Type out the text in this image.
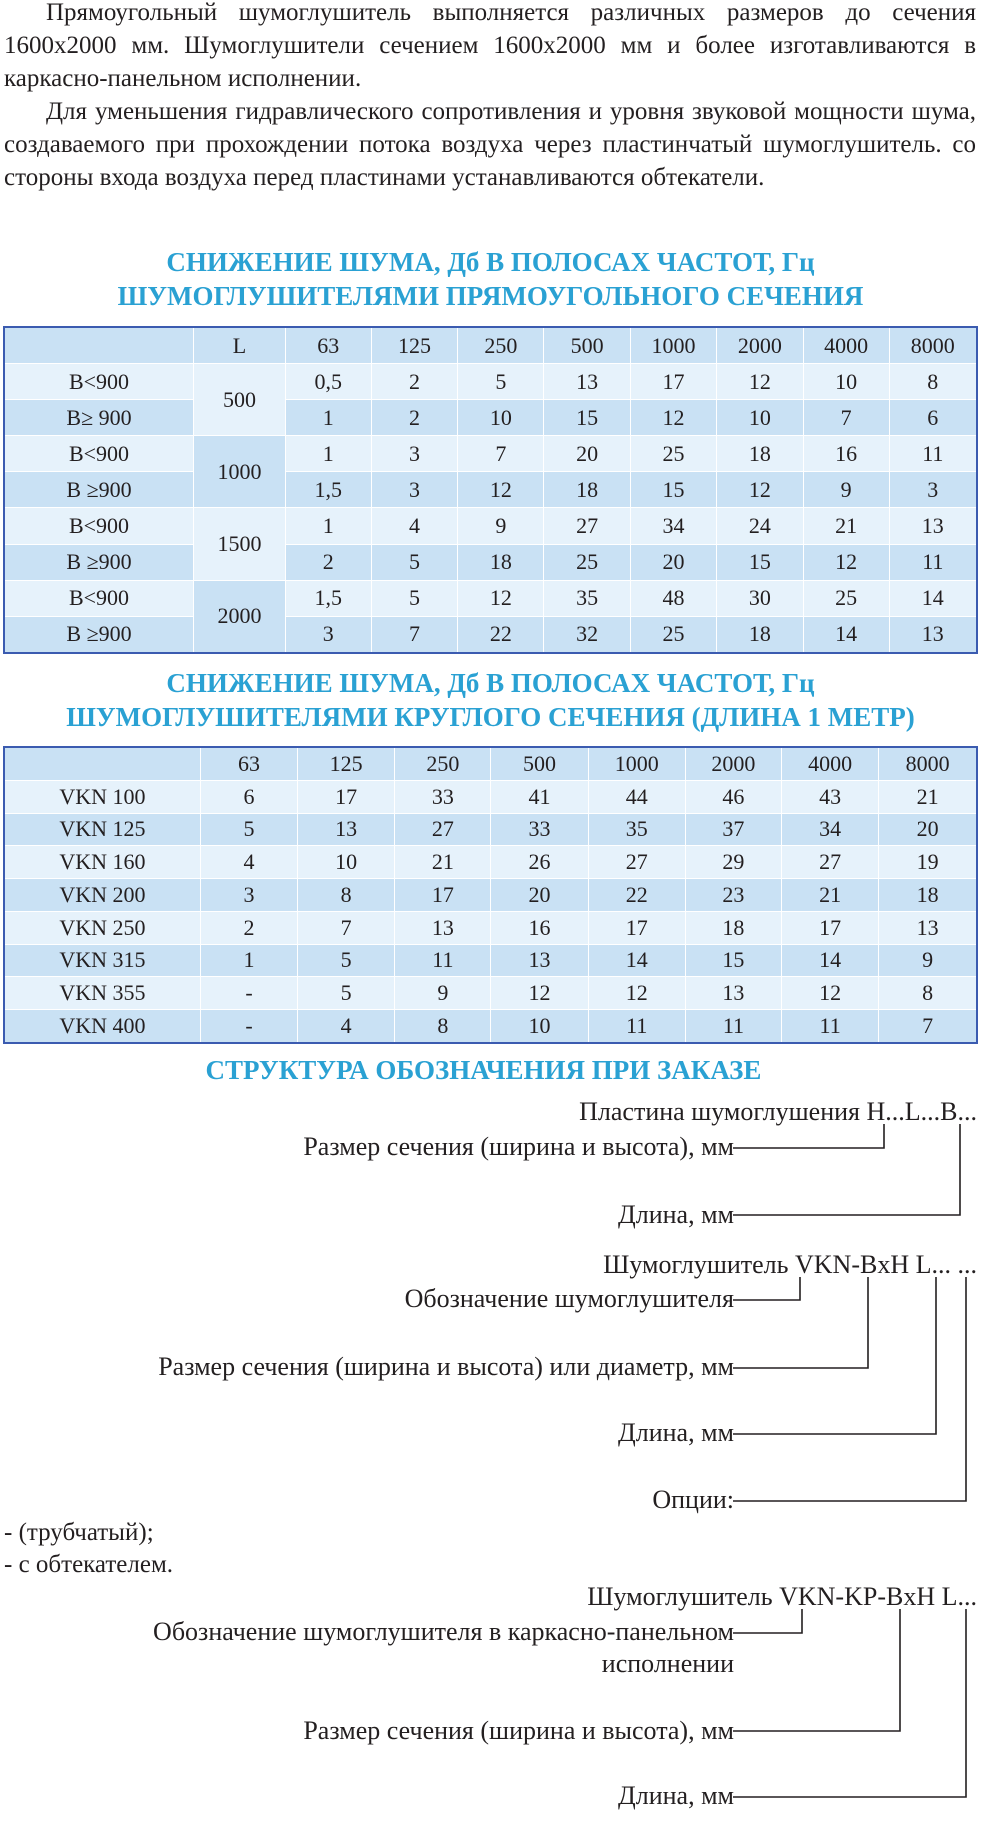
Прямоугольный шумоглушитель выполняется различных размеров до сечения 1600x2000 мм. Шумоглушители сечением 1600x2000 мм и более изготавливаются в каркасно-панельном исполнении.

Для уменьшения гидравлического сопротивления и уровня звуковой мощности шума, создаваемого при прохождении потока воздуха через пластинчатый шумоглушитель. со стороны входа воздуха перед пластинами устанавливаются обтекатели.

СНИЖЕНИЕ ШУМА, Дб В ПОЛОСАХ ЧАСТОТ, Гц
ШУМОГЛУШИТЕЛЯМИ ПРЯМОУГОЛЬНОГО СЕЧЕНИЯ
	L	63	125	250	500	1000	2000	4000	8000
B<900	500	0,5	2	5	13	17	12	10	8
B≥ 900		1	2	10	15	12	10	7	6
B<900	1000	1	3	7	20	25	18	16	11
B ≥900		1,5	3	12	18	15	12	9	3
B<900	1500	1	4	9	27	34	24	21	13
B ≥900		2	5	18	25	20	15	12	11
B<900	2000	1,5	5	12	35	48	30	25	14
B ≥900		3	7	22	32	25	18	14	13
СНИЖЕНИЕ ШУМА, Дб В ПОЛОСАХ ЧАСТОТ, Гц
ШУМОГЛУШИТЕЛЯМИ КРУГЛОГО СЕЧЕНИЯ (ДЛИНА 1 МЕТР)
	63	125	250	500	1000	2000	4000	8000
VKN 100	6	17	33	41	44	46	43	21
VKN 125	5	13	27	33	35	37	34	20
VKN 160	4	10	21	26	27	29	27	19
VKN 200	3	8	17	20	22	23	21	18
VKN 250	2	7	13	16	17	18	17	13
VKN 315	1	5	11	13	14	15	14	9
VKN 355	-	5	9	12	12	13	12	8
VKN 400	-	4	8	10	11	11	11	7
СТРУКТУРА ОБОЗНАЧЕНИЯ ПРИ ЗАКАЗЕ
Пластина шумоглушения H...L...B...
Размер сечения (ширина и высота), мм
Длина, мм
Шумоглушитель VKN-BxH L... ...
Обозначение шумоглушителя
Размер сечения (ширина и высота) или диаметр, мм
Длина, мм
Опции:
- (трубчатый);
- с обтекателем.
Шумоглушитель VKN-KP-BxH L...
Обозначение шумоглушителя в каркасно-панельном
исполнении
Размер сечения (ширина и высота), мм
Длина, мм
